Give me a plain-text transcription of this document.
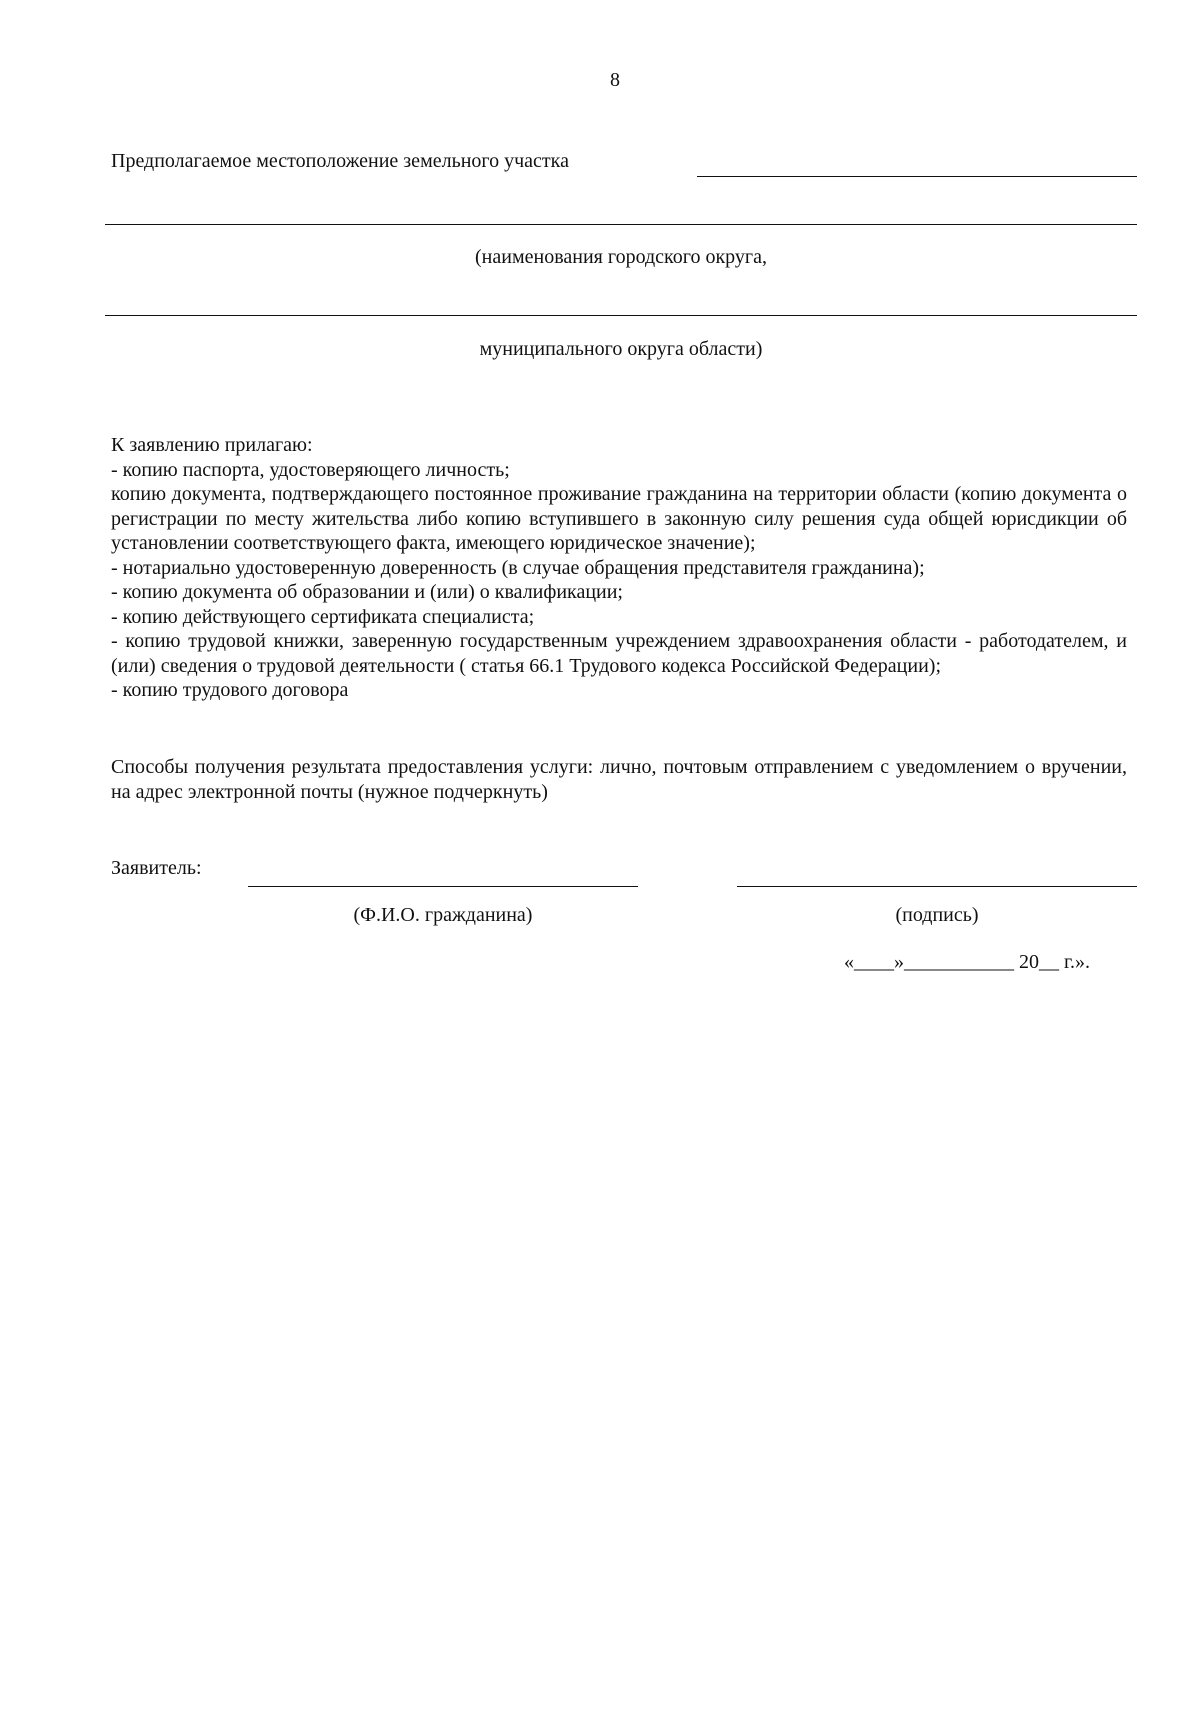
8
Предполагаемое местоположение земельного участка
(наименования городского округа,
муниципального округа области)
К заявлению прилагаю:
- копию паспорта, удостоверяющего личность;
копию документа, подтверждающего постоянное проживание гражданина на территории области (копию документа о регистрации по месту жительства либо копию вступившего в законную силу решения суда общей юрисдикции об установлении соответствующего факта, имеющего юридическое значение);
- нотариально удостоверенную доверенность (в случае обращения представителя гражданина);
- копию документа об образовании и (или) о квалификации;
- копию действующего сертификата специалиста;
- копию трудовой книжки, заверенную государственным учреждением здравоохранения области - работодателем, и (или) сведения о трудовой деятельности ( статья 66.1 Трудового кодекса Российской Федерации);
- копию трудового договора
Способы получения результата предоставления услуги: лично, почтовым отправлением с уведомлением о вручении, на адрес электронной почты (нужное подчеркнуть)
Заявитель:
(Ф.И.О. гражданина)	(подпись)
«____»___________ 20__ г.».
